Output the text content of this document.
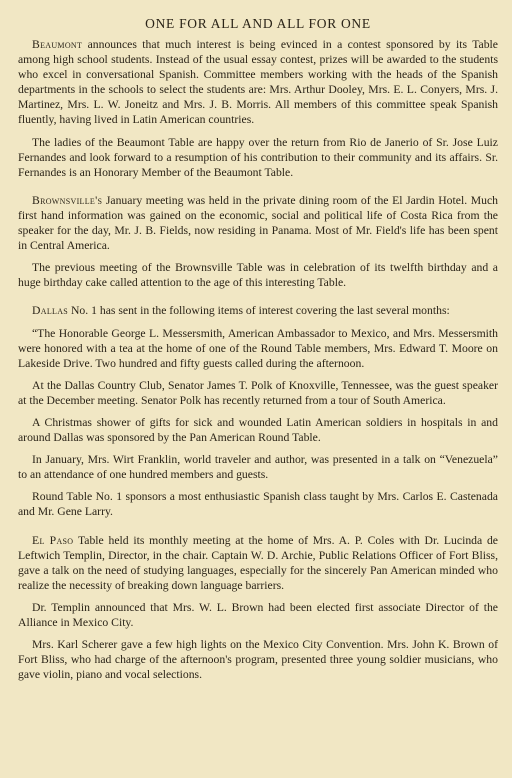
ONE FOR ALL AND ALL FOR ONE

Beaumont announces that much interest is being evinced in a contest sponsored by its Table among high school students. Instead of the usual essay contest, prizes will be awarded to the students who excel in conversational Spanish. Committee members working with the heads of the Spanish departments in the schools to select the students are: Mrs. Arthur Dooley, Mrs. E. L. Conyers, Mrs. J. Martinez, Mrs. L. W. Joneitz and Mrs. J. B. Morris. All members of this committee speak Spanish fluently, having lived in Latin American countries.

The ladies of the Beaumont Table are happy over the return from Rio de Janerio of Sr. Jose Luiz Fernandes and look forward to a resumption of his contribution to their community and its affairs. Sr. Fernandes is an Honorary Member of the Beaumont Table.

Brownsville's January meeting was held in the private dining room of the El Jardin Hotel. Much first hand information was gained on the economic, social and political life of Costa Rica from the speaker for the day, Mr. J. B. Fields, now residing in Panama. Most of Mr. Field's life has been spent in Central America.

The previous meeting of the Brownsville Table was in celebration of its twelfth birthday and a huge birthday cake called attention to the age of this interesting Table.

Dallas No. 1 has sent in the following items of interest covering the last several months:

“The Honorable George L. Messersmith, American Ambassador to Mexico, and Mrs. Messersmith were honored with a tea at the home of one of the Round Table members, Mrs. Edward T. Moore on Lakeside Drive. Two hundred and fifty guests called during the afternoon.

At the Dallas Country Club, Senator James T. Polk of Knoxville, Tennessee, was the guest speaker at the December meeting. Senator Polk has recently returned from a tour of South America.

A Christmas shower of gifts for sick and wounded Latin American soldiers in hospitals in and around Dallas was sponsored by the Pan American Round Table.

In January, Mrs. Wirt Franklin, world traveler and author, was presented in a talk on “Venezuela” to an attendance of one hundred members and guests.

Round Table No. 1 sponsors a most enthusiastic Spanish class taught by Mrs. Carlos E. Castenada and Mr. Gene Larry.

El Paso Table held its monthly meeting at the home of Mrs. A. P. Coles with Dr. Lucinda de Leftwich Templin, Director, in the chair. Captain W. D. Archie, Public Relations Officer of Fort Bliss, gave a talk on the need of studying languages, especially for the sincerely Pan American minded who realize the necessity of breaking down language barriers.

Dr. Templin announced that Mrs. W. L. Brown had been elected first associate Director of the Alliance in Mexico City.

Mrs. Karl Scherer gave a few high lights on the Mexico City Convention. Mrs. John K. Brown of Fort Bliss, who had charge of the afternoon's program, presented three young soldier musicians, who gave violin, piano and vocal selections.
